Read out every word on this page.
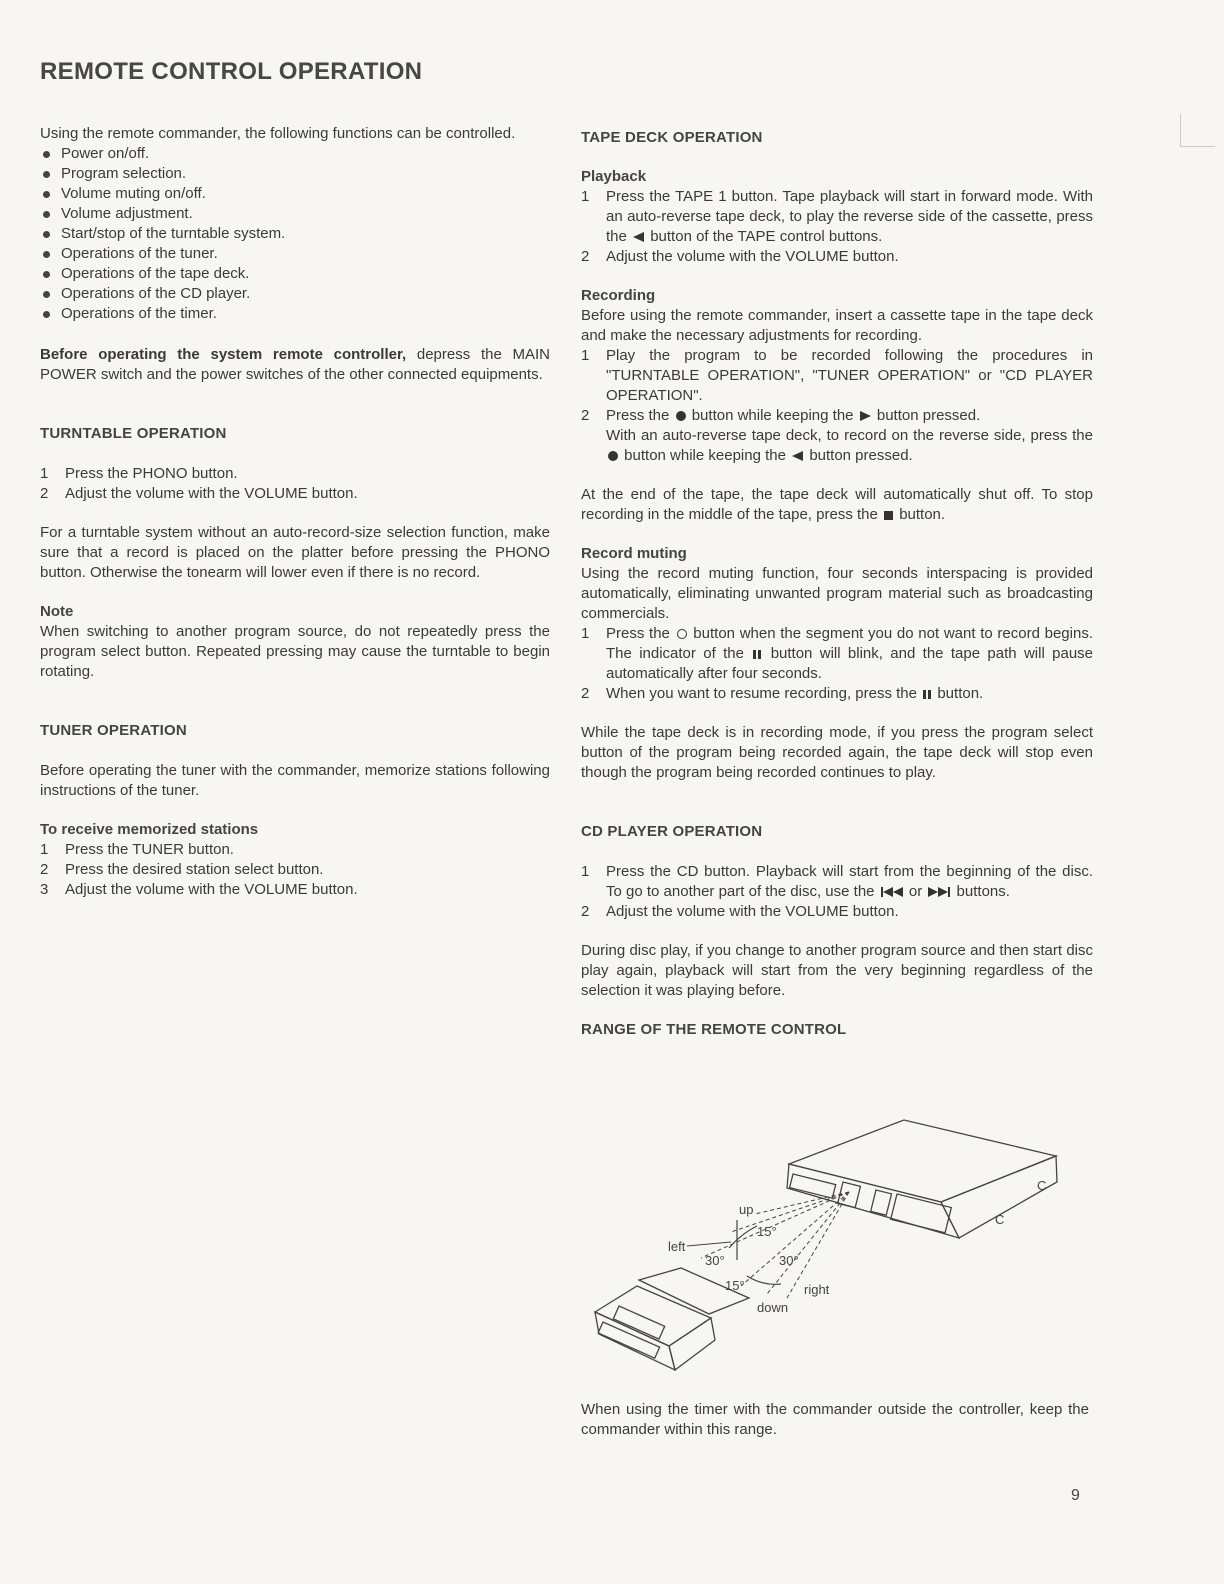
REMOTE CONTROL OPERATION

Using the remote commander, the following functions can be controlled.

Power on/off.
Program selection.
Volume muting on/off.
Volume adjustment.
Start/stop of the turntable system.
Operations of the tuner.
Operations of the tape deck.
Operations of the CD player.
Operations of the timer.

Before operating the system remote controller, depress the MAIN POWER switch and the power switches of the other connected equipments.

TURNTABLE OPERATION
1	Press the PHONO button.
2	Adjust the volume with the VOLUME button.

For a turntable system without an auto-record-size selection function, make sure that a record is placed on the platter before pressing the PHONO button. Otherwise the tonearm will lower even if there is no record.

Note

When switching to another program source, do not repeatedly press the program select button. Repeated pressing may cause the turntable to begin rotating.

TUNER OPERATION

Before operating the tuner with the commander, memorize stations following instructions of the tuner.

To receive memorized stations

1	Press the TUNER button.
2	Press the desired station select button.
3	Adjust the volume with the VOLUME button.
TAPE DECK OPERATION

Playback

1	Press the TAPE 1 button. Tape playback will start in forward mode. With an auto-reverse tape deck, to play the reverse side of the cassette, press the button of the TAPE control buttons.
2	Adjust the volume with the VOLUME button.

Recording

Before using the remote commander, insert a cassette tape in the tape deck and make the necessary adjustments for recording.

1	Play the program to be recorded following the procedures in "TURNTABLE OPERATION", "TUNER OPERATION" or "CD PLAYER OPERATION".
2	Press the button while keeping the button pressed.
With an auto-reverse tape deck, to record on the reverse side, press the  button while keeping the button pressed.

At the end of the tape, the tape deck will automatically shut off. To stop recording in the middle of the tape, press the button.

Record muting

Using the record muting function, four seconds interspacing is provided automatically, eliminating unwanted program material such as broadcasting commercials.

1	Press the button when the segment you do not want to record begins. The indicator of the button will blink, and the tape path will pause automatically after four seconds.
2	When you want to resume recording, press the button.

While the tape deck is in recording mode, if you press the program select button of the program being recorded again, the tape deck will stop even though the program being recorded continues to play.

CD PLAYER OPERATION
1	Press the CD button. Playback will start from the beginning of the disc. To go to another part of the disc, use the or buttons.
2	Adjust the volume with the VOLUME button.

During disc play, if you change to another program source and then start disc play again, playback will start from the very beginning regardless of the selection it was playing before.

RANGE OF THE REMOTE CONTROL
C
C
up
15°
left
30°	30°
15°	right
down

When using the timer with the commander outside the controller, keep the commander within this range.

9
